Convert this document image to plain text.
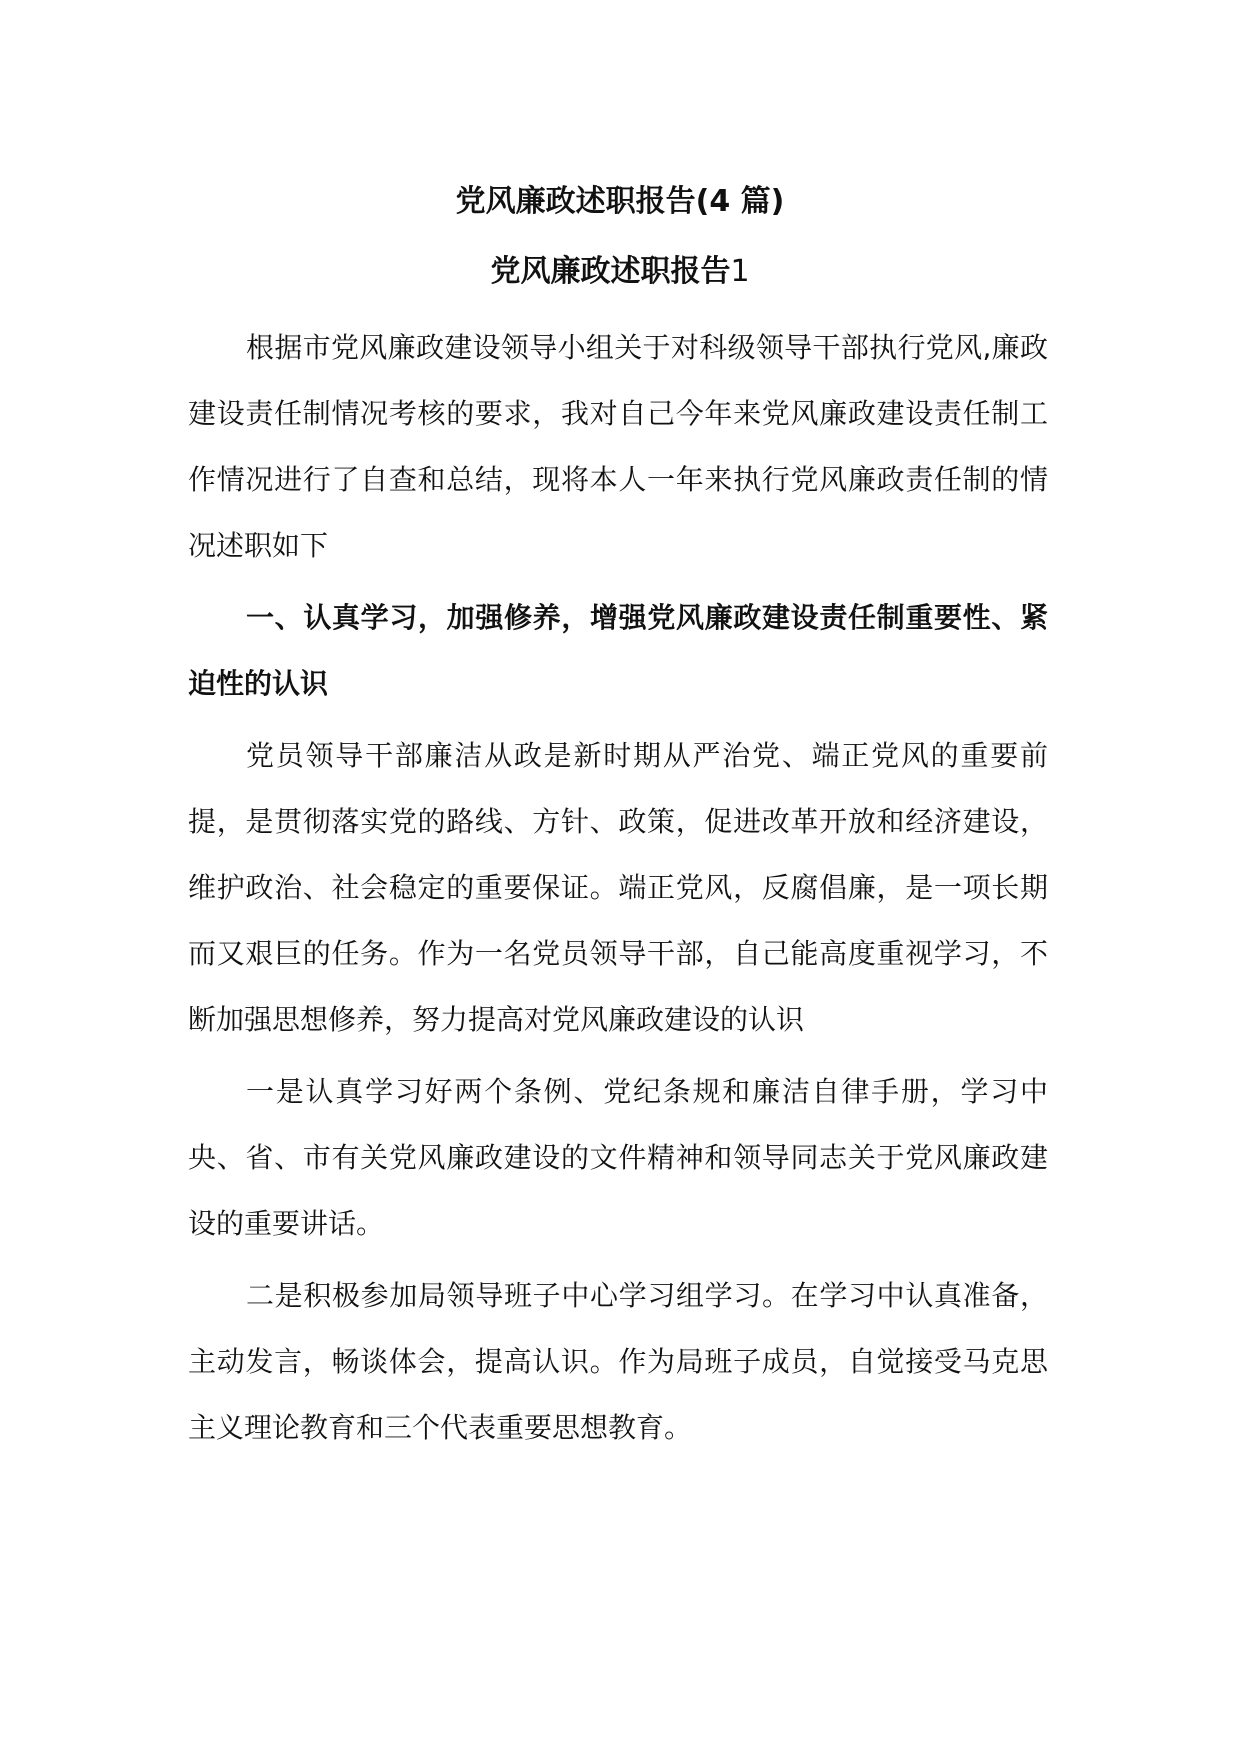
党风廉政述职报告(4 篇)
党风廉政述职报告1

根据市党风廉政建设领导小组关于对科级领导干部执行党风,廉政建设责任制情况考核的要求，我对自己今年来党风廉政建设责任制工作情况进行了自查和总结，现将本人一年来执行党风廉政责任制的情况述职如下

一、认真学习，加强修养，增强党风廉政建设责任制重要性、紧迫性的认识

党员领导干部廉洁从政是新时期从严治党、端正党风的重要前提，是贯彻落实党的路线、方针、政策，促进改革开放和经济建设，维护政治、社会稳定的重要保证。端正党风，反腐倡廉，是一项长期而又艰巨的任务。作为一名党员领导干部，自己能高度重视学习，不断加强思想修养，努力提高对党风廉政建设的认识

一是认真学习好两个条例、党纪条规和廉洁自律手册，学习中央、省、市有关党风廉政建设的文件精神和领导同志关于党风廉政建设的重要讲话。

二是积极参加局领导班子中心学习组学习。在学习中认真准备，主动发言，畅谈体会，提高认识。作为局班子成员，自觉接受马克思主义理论教育和三个代表重要思想教育。
